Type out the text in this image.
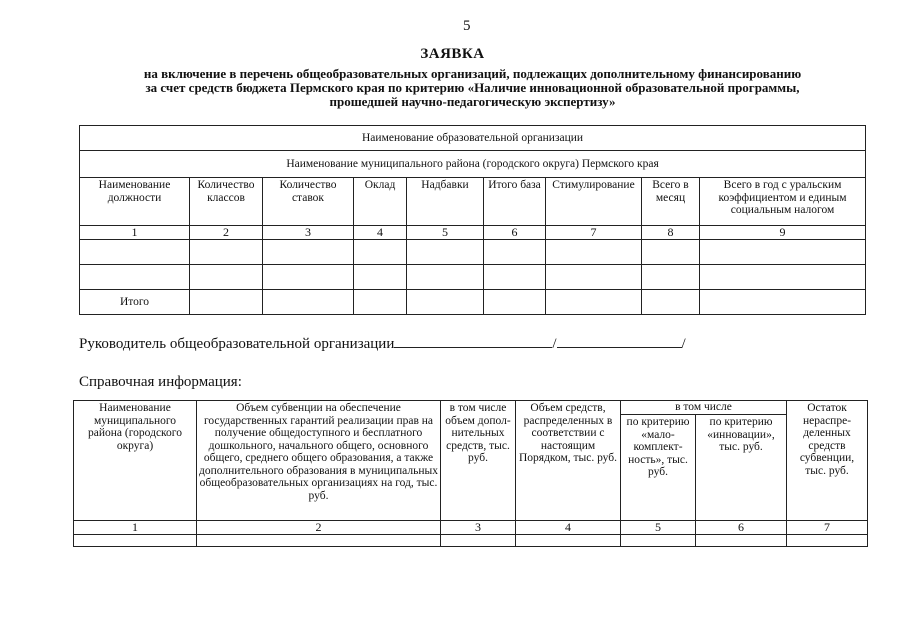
5
ЗАЯВКА
на включение в перечень общеобразовательных организаций, подлежащих дополнительному финансированию
за счет средств бюджета Пермского края по критерию «Наличие инновационной образовательной программы,
прошедшей научно-педагогическую экспертизу»
Наименование образовательной организации								
Наименование муниципального района (городского округа) Пермского края								
Наименование должности	Количество классов	Количество ставок	Оклад	Надбавки	Итого база	Стимулирование	Всего в месяц	Всего в год с уральским коэффициентом и единым социальным налогом
1	2	3	4	5	6	7	8	9

Итого								
Руководитель общеобразовательной организации	/	/
Справочная информация:
Наименование муниципального района (городского округа)	Объем субвенции на обеспечение государственных гарантий реализации прав на получение общедоступного и бесплатного дошкольного, начального общего, основного общего, среднего общего образования, а также дополнительного образования в муниципальных общеобразовательных организациях на год, тыс. руб.	в том числе объем допол-нительных средств, тыс. руб.	Объем средств, распределенных в соответствии с настоящим Порядком, тыс. руб.	в том числе		Остаток нераспре-деленных средств субвенции, тыс. руб.
				по критерию «мало-комплект-ность», тыс. руб.	по критерию «инновации», тыс. руб.	
1	2	3	4	5	6	7
